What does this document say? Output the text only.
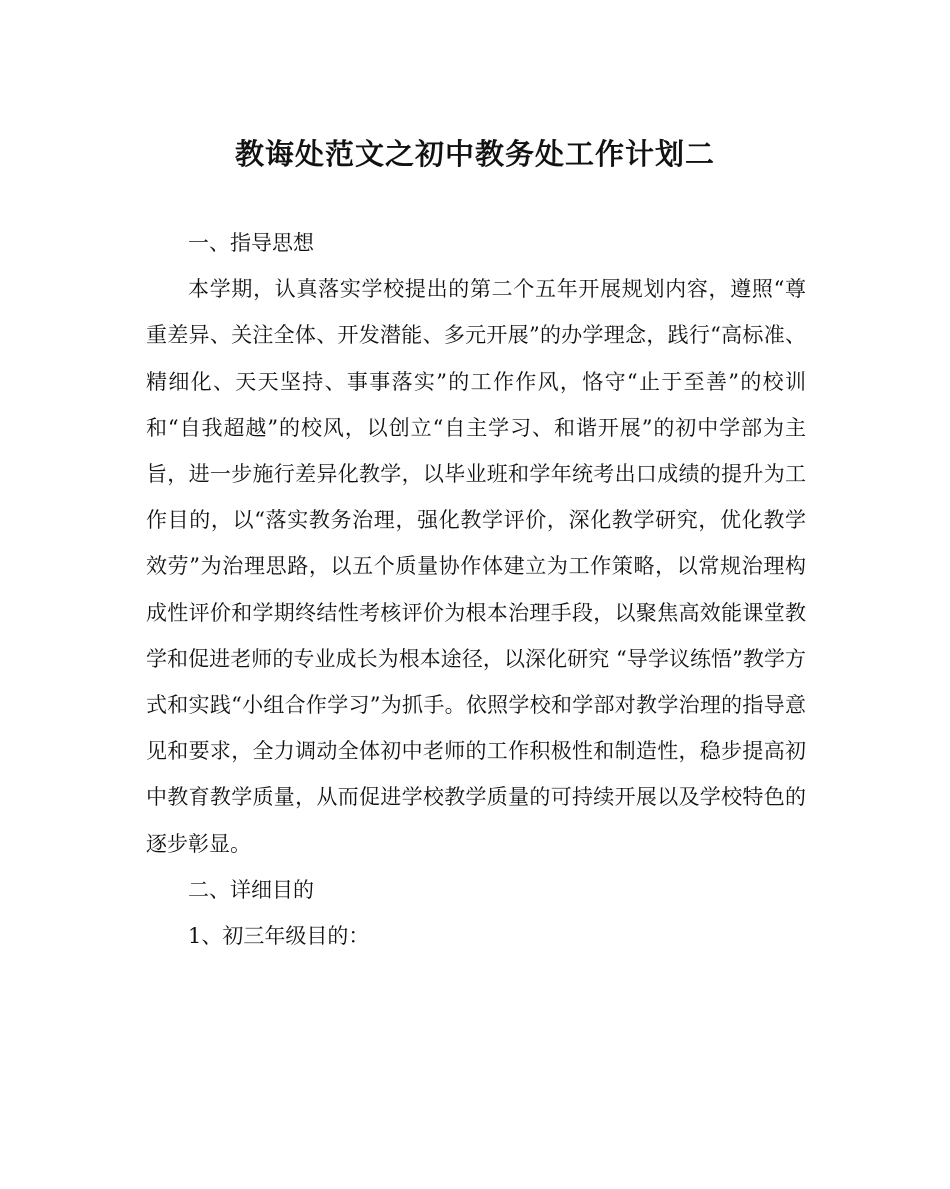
教诲处范文之初中教务处工作计划二

一、指导思想

本学期，认真落实学校提出的第二个五年开展规划内容，遵照“尊重差异、关注全体、开发潜能、多元开展”的办学理念，践行“高标准、精细化、天天坚持、事事落实”的工作作风，恪守“止于至善”的校训和“自我超越”的校风，以创立“自主学习、和谐开展”的初中学部为主旨，进一步施行差异化教学，以毕业班和学年统考出口成绩的提升为工作目的，以“落实教务治理，强化教学评价，深化教学研究，优化教学效劳”为治理思路，以五个质量协作体建立为工作策略，以常规治理构成性评价和学期终结性考核评价为根本治理手段，以聚焦高效能课堂教学和促进老师的专业成长为根本途径，以深化研究 “导学议练悟”教学方式和实践“小组合作学习”为抓手。依照学校和学部对教学治理的指导意见和要求，全力调动全体初中老师的工作积极性和制造性，稳步提高初中教育教学质量，从而促进学校教学质量的可持续开展以及学校特色的逐步彰显。

二、详细目的

1、初三年级目的：
